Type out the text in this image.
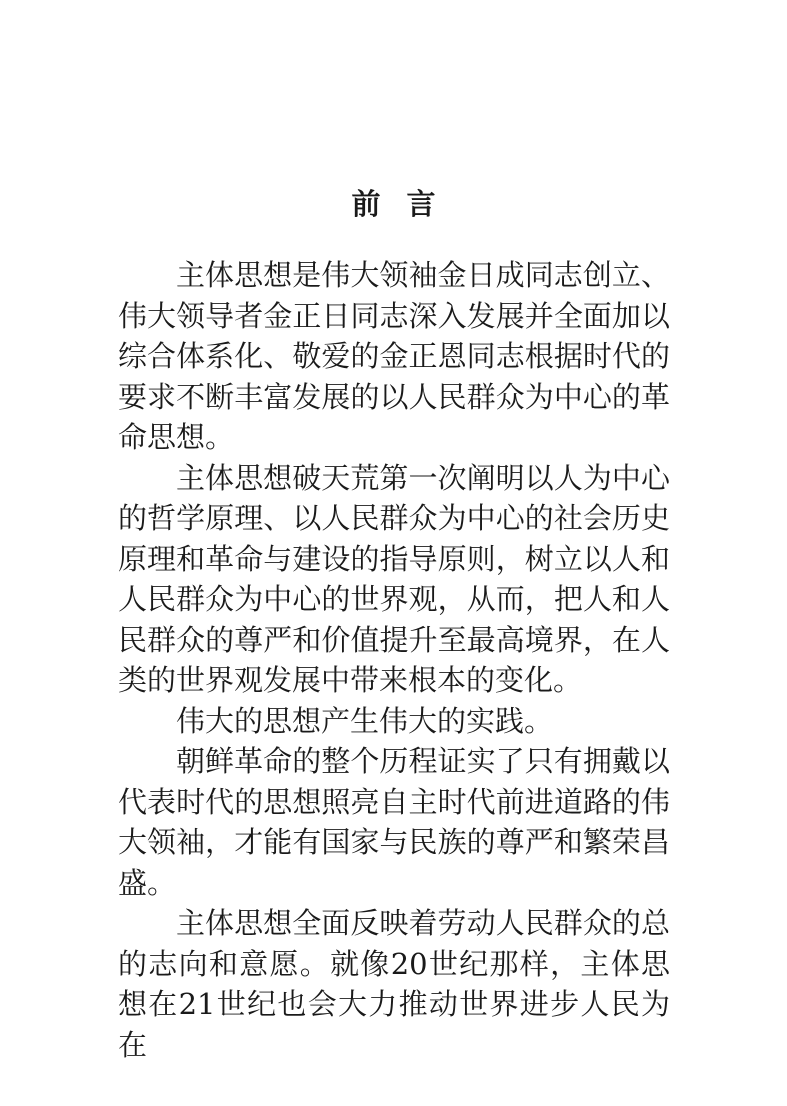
前言

主体思想是伟大领袖金日成同志创立、伟大领导者金正日同志深入发展并全面加以综合体系化、敬爱的金正恩同志根据时代的要求不断丰富发展的以人民群众为中心的革命思想。

主体思想破天荒第一次阐明以人为中心的哲学原理、以人民群众为中心的社会历史原理和革命与建设的指导原则，树立以人和人民群众为中心的世界观，从而，把人和人民群众的尊严和价值提升至最高境界，在人类的世界观发展中带来根本的变化。

伟大的思想产生伟大的实践。

朝鲜革命的整个历程证实了只有拥戴以代表时代的思想照亮自主时代前进道路的伟大领袖，才能有国家与民族的尊严和繁荣昌盛。

主体思想全面反映着劳动人民群众的总的志向和意愿。就像20世纪那样，主体思想在21世纪也会大力推动世界进步人民为在
